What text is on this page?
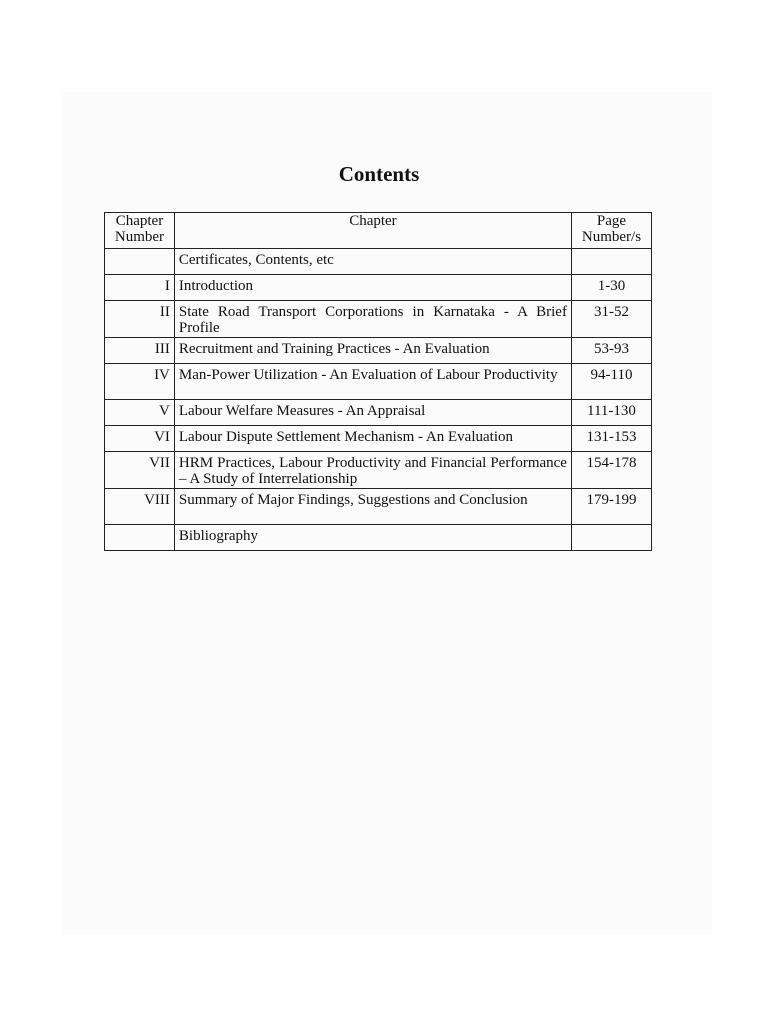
Contents
Chapter Number	Chapter	Page Number/s
	Certificates, Contents, etc	
I	Introduction	1-30
II	State Road Transport Corporations in Karnataka - A Brief Profile	31-52
III	Recruitment and Training Practices - An Evaluation	53-93
IV	Man-Power Utilization - An Evaluation of Labour Productivity	94-110
V	Labour Welfare Measures - An Appraisal	111-130
VI	Labour Dispute Settlement Mechanism - An Evaluation	131-153
VII	HRM Practices, Labour Productivity and Financial Performance – A Study of Interrelationship	154-178
VIII	Summary of Major Findings, Suggestions and Conclusion	179-199
	Bibliography	
